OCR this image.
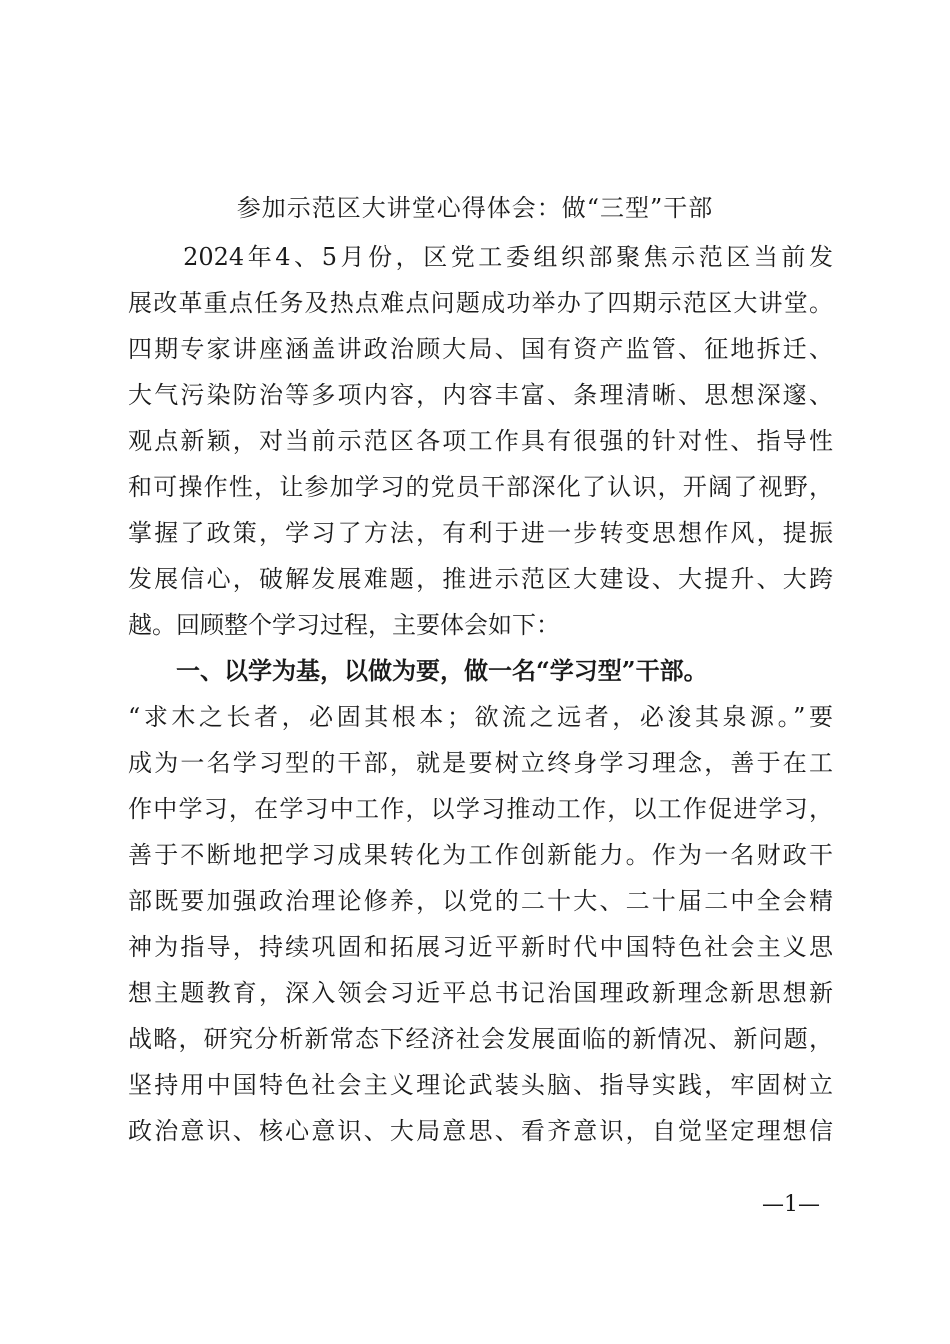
参加示范区大讲堂心得体会：做“三型”干部
　　2024年4、5月份，区党工委组织部聚焦示范区当前发
展改革重点任务及热点难点问题成功举办了四期示范区大讲堂。
四期专家讲座涵盖讲政治顾大局、国有资产监管、征地拆迁、
大气污染防治等多项内容，内容丰富、条理清晰、思想深邃、
观点新颖，对当前示范区各项工作具有很强的针对性、指导性
和可操作性，让参加学习的党员干部深化了认识，开阔了视野，
掌握了政策，学习了方法，有利于进一步转变思想作风，提振
发展信心，破解发展难题，推进示范区大建设、大提升、大跨
越。回顾整个学习过程，主要体会如下：
　　一、以学为基，以做为要，做一名“学习型”干部。
“求木之长者，必固其根本；欲流之远者，必浚其泉源。”要
成为一名学习型的干部，就是要树立终身学习理念，善于在工
作中学习，在学习中工作，以学习推动工作，以工作促进学习，
善于不断地把学习成果转化为工作创新能力。作为一名财政干
部既要加强政治理论修养，以党的二十大、二十届二中全会精
神为指导，持续巩固和拓展习近平新时代中国特色社会主义思
想主题教育，深入领会习近平总书记治国理政新理念新思想新
战略，研究分析新常态下经济社会发展面临的新情况、新问题，
坚持用中国特色社会主义理论武装头脑、指导实践，牢固树立
政治意识、核心意识、大局意思、看齐意识，自觉坚定理想信
—1—
